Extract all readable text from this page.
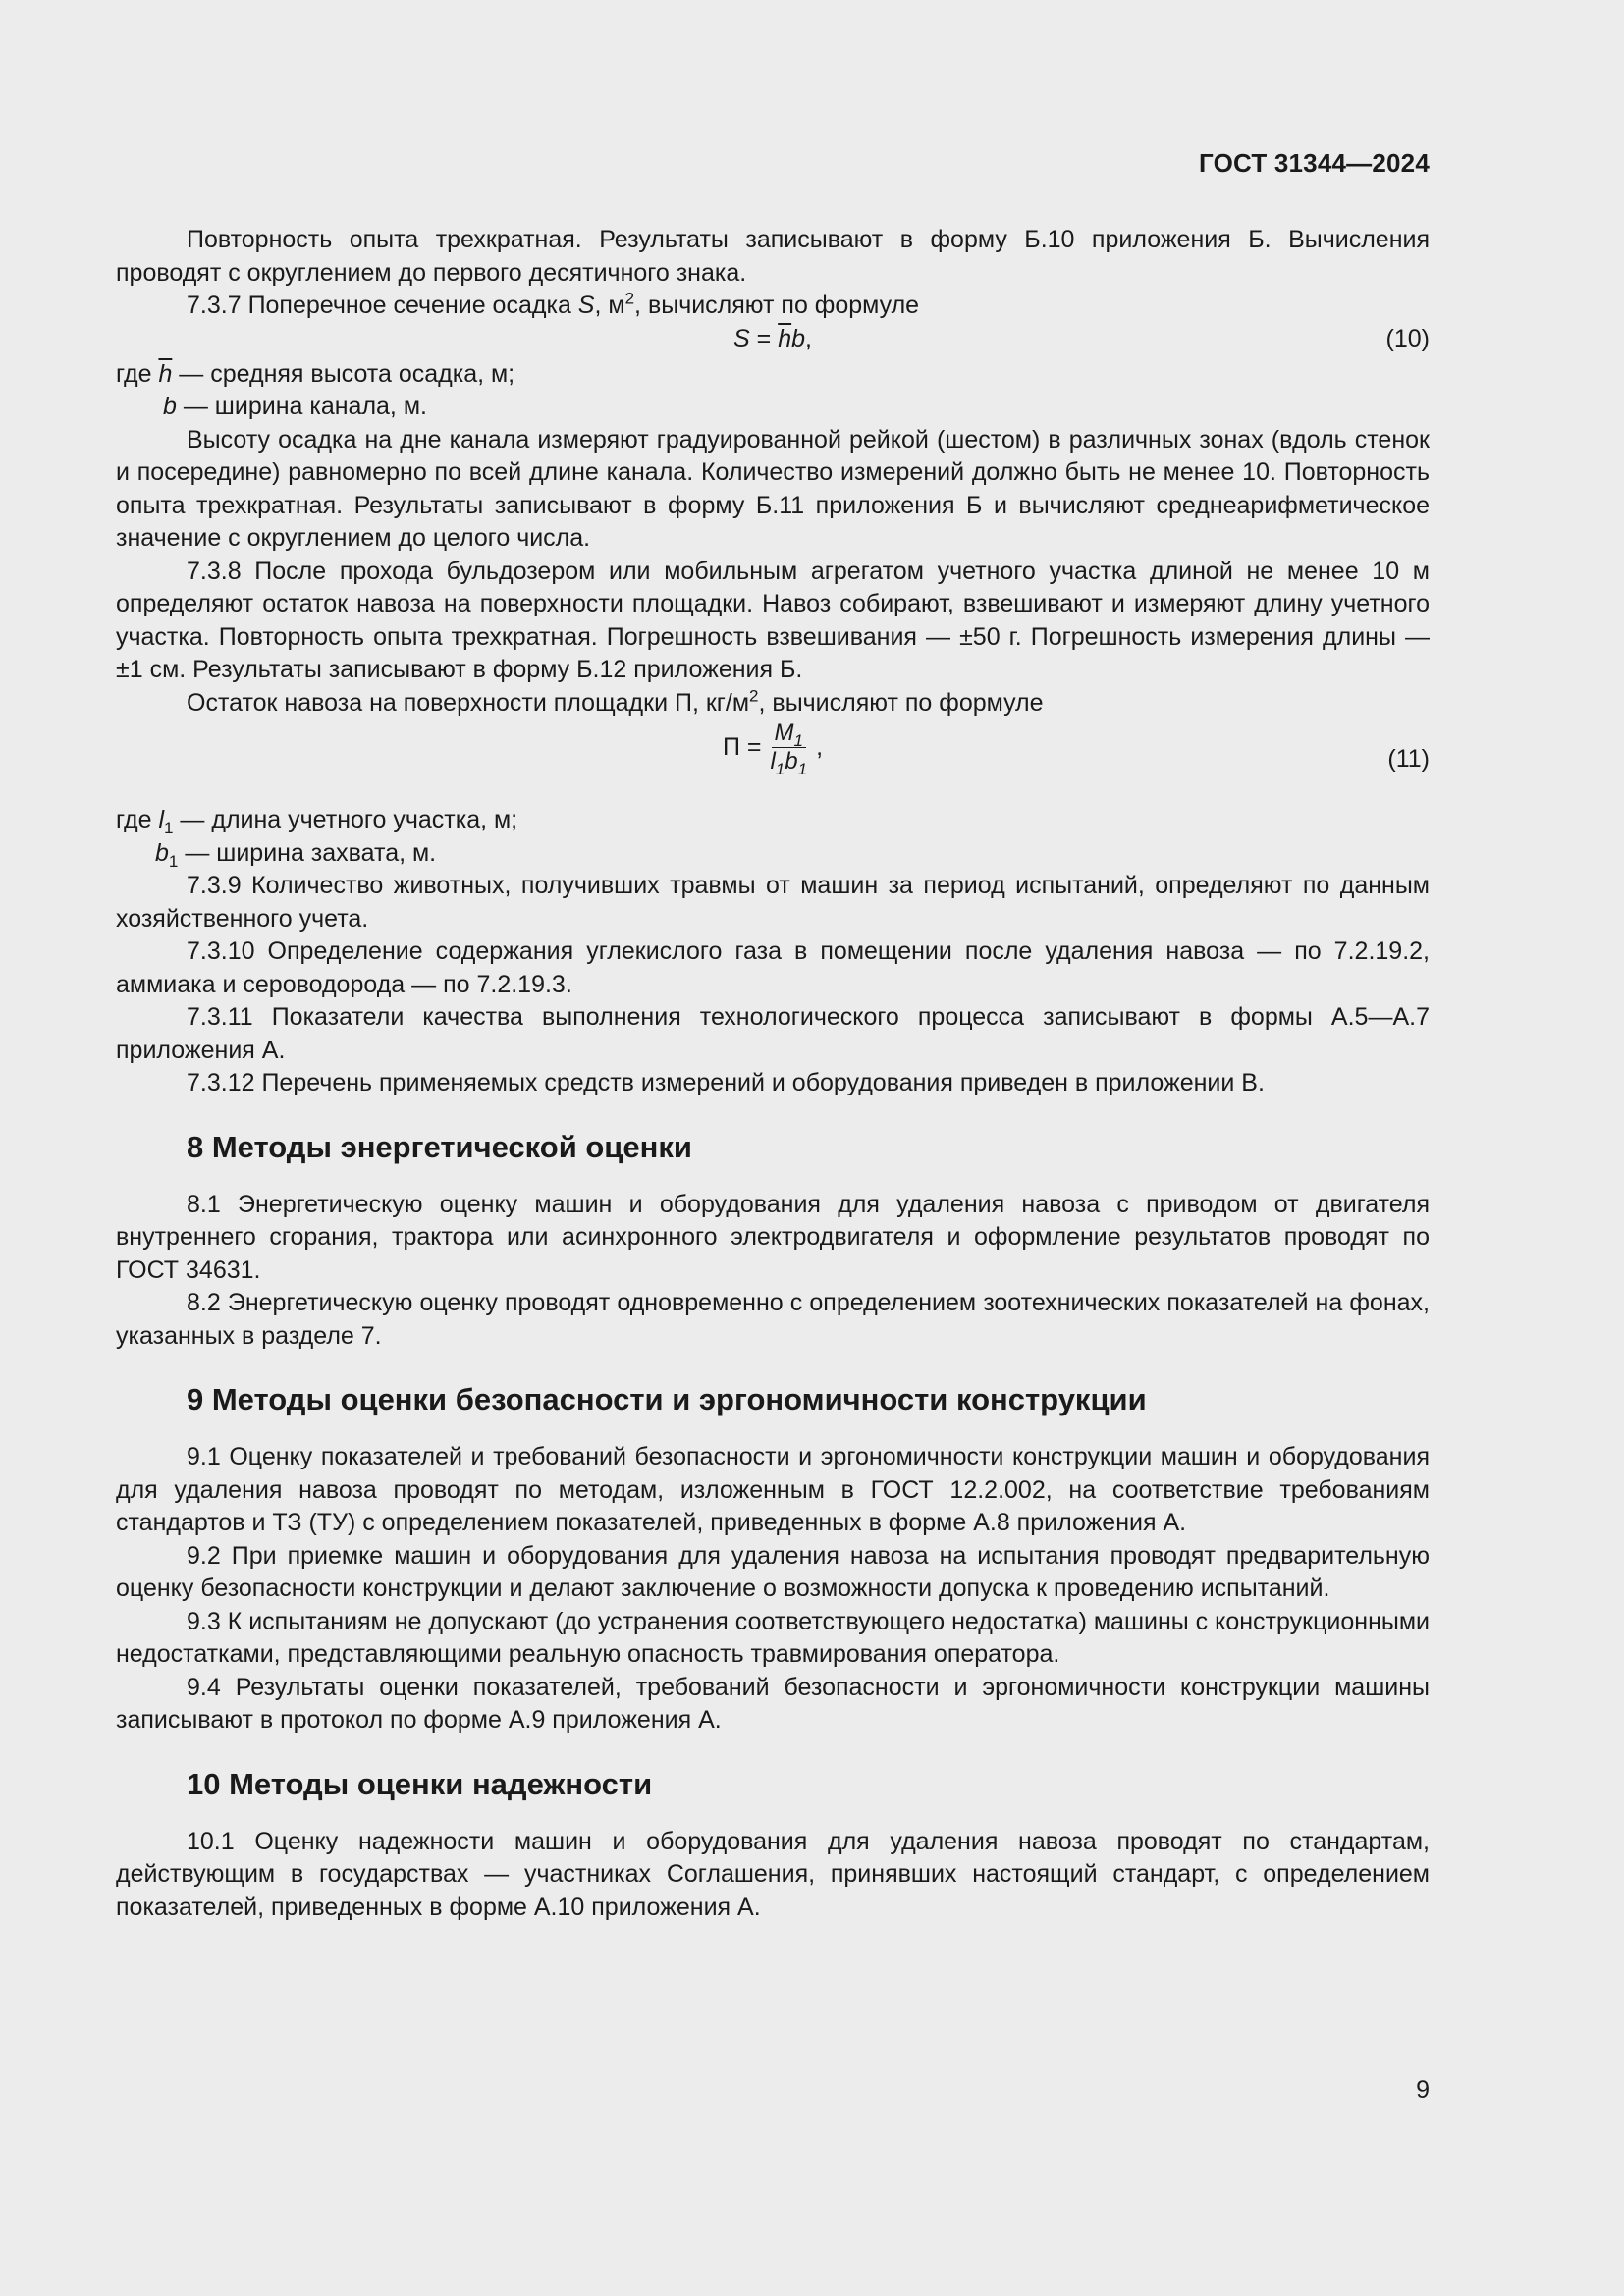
ГОСТ 31344—2024

Повторность опыта трехкратная. Результаты записывают в форму Б.10 приложения Б. Вычисления проводят с округлением до первого десятичного знака.

7.3.7 Поперечное сечение осадка S, $м^2$, вычисляют по формуле

$S = \overline{h}b$,	(10)

где $\overline{h}$ — средняя высота осадка, м;

b — ширина канала, м.

Высоту осадка на дне канала измеряют градуированной рейкой (шестом) в различных зонах (вдоль стенок и посередине) равномерно по всей длине канала. Количество измерений должно быть не менее 10. Повторность опыта трехкратная. Результаты записывают в форму Б.11 приложения Б и вычисляют среднеарифметическое значение с округлением до целого числа.

7.3.8 После прохода бульдозером или мобильным агрегатом учетного участка длиной не менее 10 м определяют остаток навоза на поверхности площадки. Навоз собирают, взвешивают и измеряют длину учетного участка. Повторность опыта трехкратная. Погрешность взвешивания — ±50 г. Погрешность измерения длины — ±1 см. Результаты записывают в форму Б.12 приложения Б.

Остаток навоза на поверхности площадки П, $кг/м^2$, вычисляют по формуле

$П = \frac{M_1}{l_1b_1}$ ,	(11)

где $l_1$ — длина учетного участка, м;

$b_1$ — ширина захвата, м.

7.3.9 Количество животных, получивших травмы от машин за период испытаний, определяют по данным хозяйственного учета.

7.3.10 Определение содержания углекислого газа в помещении после удаления навоза — по 7.2.19.2, аммиака и сероводорода — по 7.2.19.3.

7.3.11 Показатели качества выполнения технологического процесса записывают в формы А.5—А.7 приложения А.

7.3.12 Перечень применяемых средств измерений и оборудования приведен в приложении В.

8 Методы энергетической оценки

8.1 Энергетическую оценку машин и оборудования для удаления навоза с приводом от двигателя внутреннего сгорания, трактора или асинхронного электродвигателя и оформление результатов проводят по ГОСТ 34631.

8.2 Энергетическую оценку проводят одновременно с определением зоотехнических показателей на фонах, указанных в разделе 7.

9 Методы оценки безопасности и эргономичности конструкции

9.1 Оценку показателей и требований безопасности и эргономичности конструкции машин и оборудования для удаления навоза проводят по методам, изложенным в ГОСТ 12.2.002, на соответствие требованиям стандартов и ТЗ (ТУ) с определением показателей, приведенных в форме А.8 приложения А.

9.2 При приемке машин и оборудования для удаления навоза на испытания проводят предварительную оценку безопасности конструкции и делают заключение о возможности допуска к проведению испытаний.

9.3 К испытаниям не допускают (до устранения соответствующего недостатка) машины с конструкционными недостатками, представляющими реальную опасность травмирования оператора.

9.4 Результаты оценки показателей, требований безопасности и эргономичности конструкции машины записывают в протокол по форме А.9 приложения А.

10 Методы оценки надежности

10.1 Оценку надежности машин и оборудования для удаления навоза проводят по стандартам, действующим в государствах — участниках Соглашения, принявших настоящий стандарт, с определением показателей, приведенных в форме А.10 приложения А.

9
